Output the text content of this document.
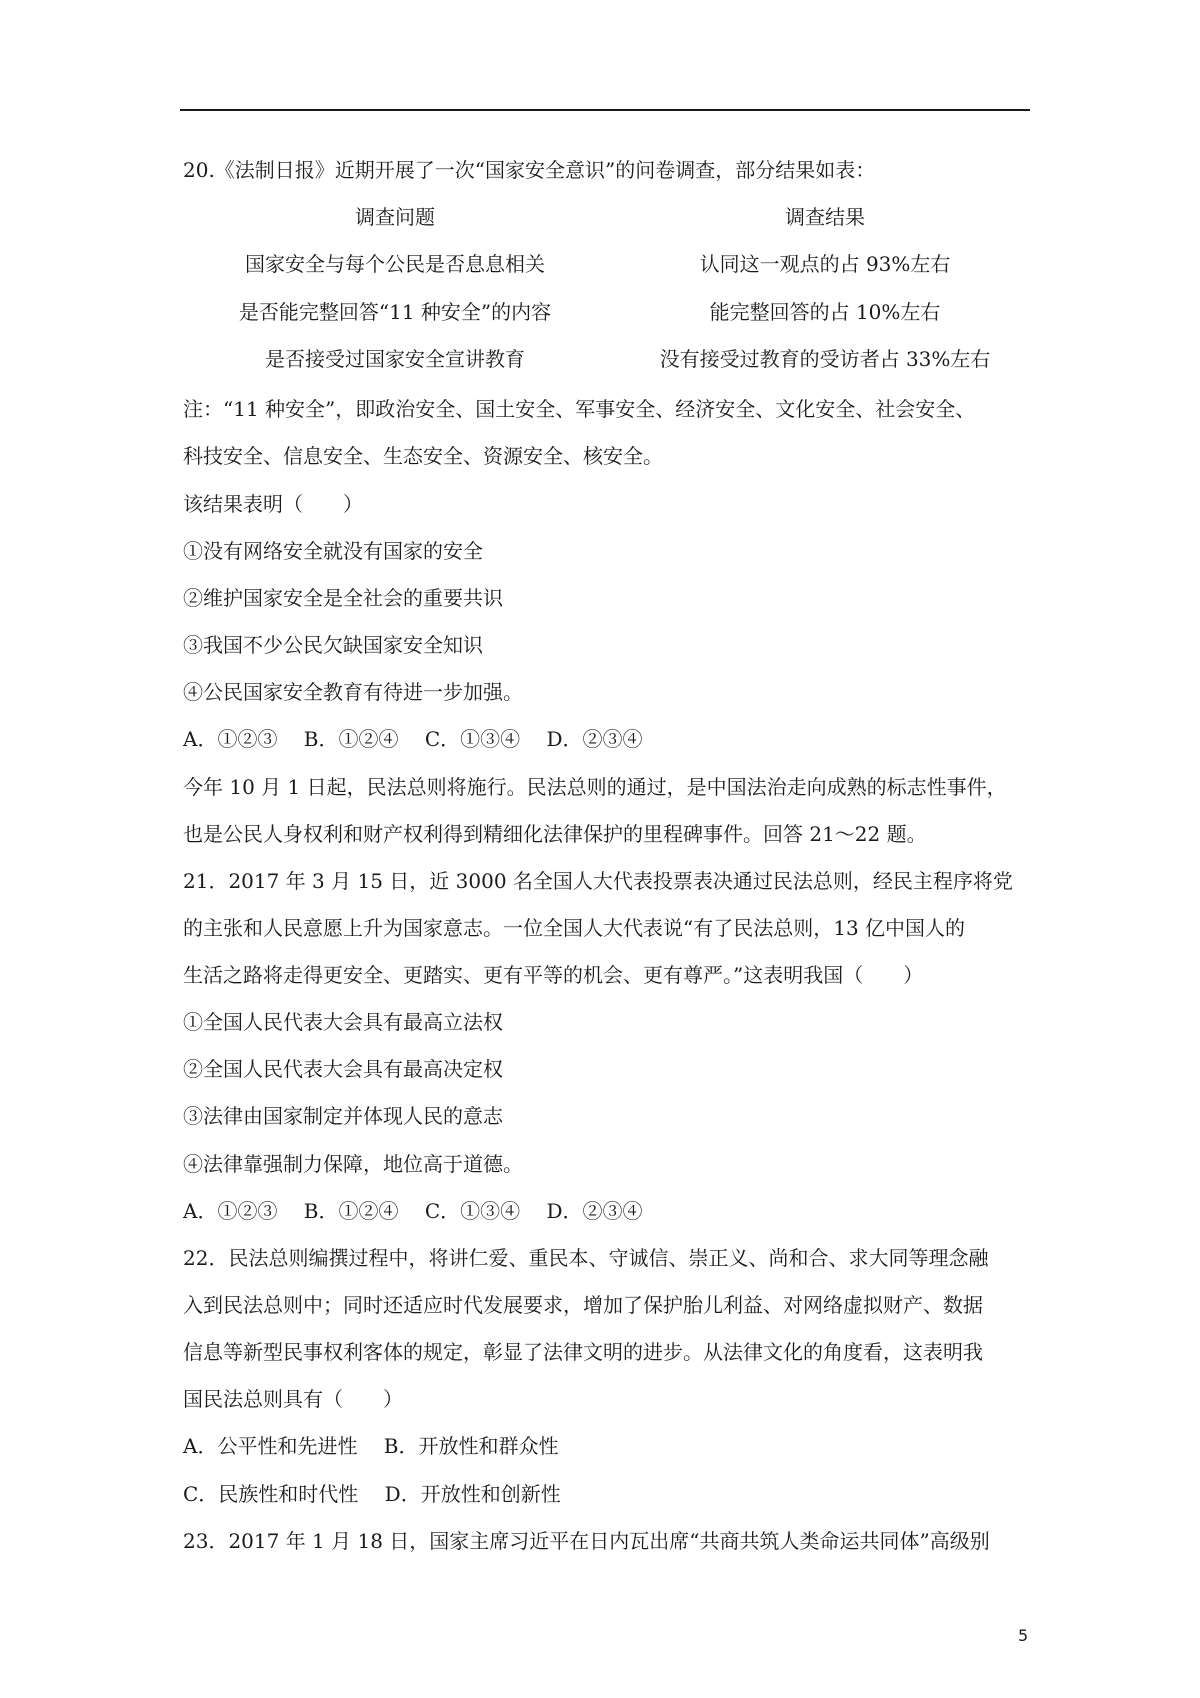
20.《法制日报》近期开展了一次“国家安全意识”的问卷调查，部分结果如表：
调查问题	调查结果
国家安全与每个公民是否息息相关	认同这一观点的占 93%左右
是否能完整回答“11 种安全”的内容	能完整回答的占 10%左右
是否接受过国家安全宣讲教育	没有接受过教育的受访者占 33%左右
注：“11 种安全”，即政治安全、国土安全、军事安全、经济安全、文化安全、社会安全、
科技安全、信息安全、生态安全、资源安全、核安全。
该结果表明（　　）
①没有网络安全就没有国家的安全
②维护国家安全是全社会的重要共识
③我国不少公民欠缺国家安全知识
④公民国家安全教育有待进一步加强。
A．①②③　 B．①②④　 C．①③④　 D．②③④
今年 10 月 1 日起，民法总则将施行。民法总则的通过，是中国法治走向成熟的标志性事件，
也是公民人身权利和财产权利得到精细化法律保护的里程碑事件。回答 21～22 题。
21．2017 年 3 月 15 日，近 3000 名全国人大代表投票表决通过民法总则，经民主程序将党
的主张和人民意愿上升为国家意志。一位全国人大代表说“有了民法总则，13 亿中国人的
生活之路将走得更安全、更踏实、更有平等的机会、更有尊严。”这表明我国（　　）
①全国人民代表大会具有最高立法权
②全国人民代表大会具有最高决定权
③法律由国家制定并体现人民的意志
④法律靠强制力保障，地位高于道德。
A．①②③　 B．①②④　 C．①③④　 D．②③④
22．民法总则编撰过程中，将讲仁爱、重民本、守诚信、崇正义、尚和合、求大同等理念融
入到民法总则中；同时还适应时代发展要求，增加了保护胎儿利益、对网络虚拟财产、数据
信息等新型民事权利客体的规定，彰显了法律文明的进步。从法律文化的角度看，这表明我
国民法总则具有（　　）
A．公平性和先进性　 B．开放性和群众性
C．民族性和时代性　 D．开放性和创新性
23．2017 年 1 月 18 日，国家主席习近平在日内瓦出席“共商共筑人类命运共同体”高级别
5
